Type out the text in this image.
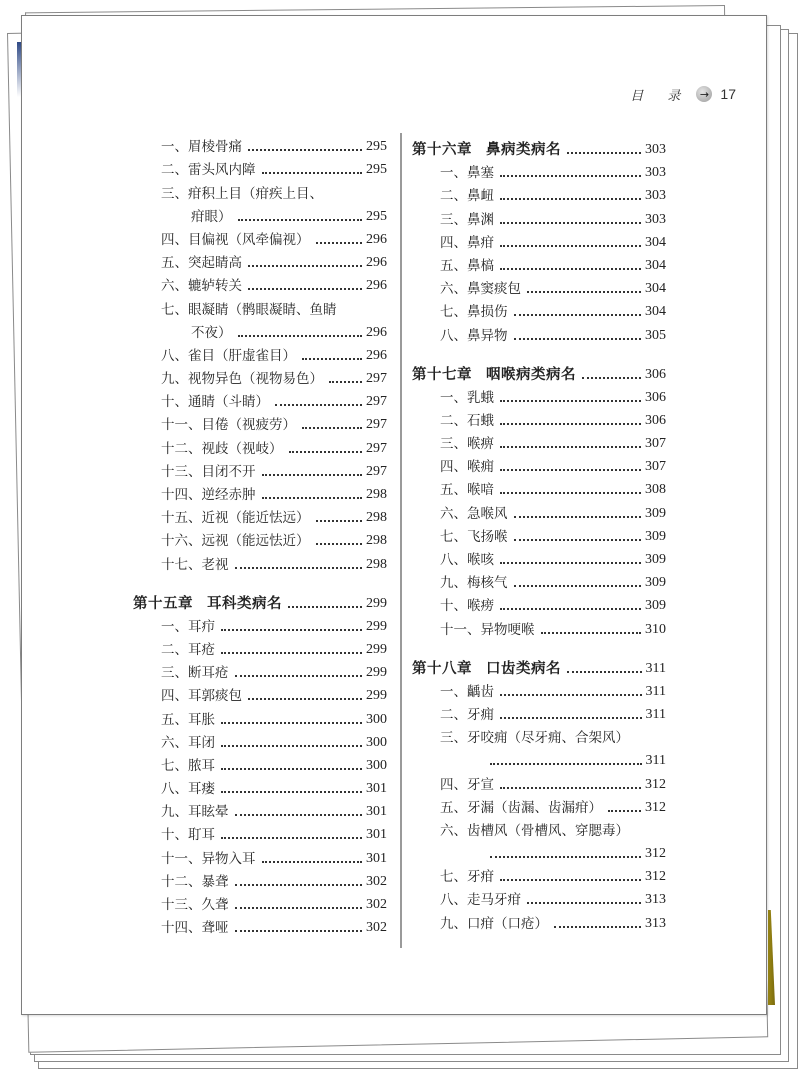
目 录 → 17
一、眉棱骨痛	295
二、雷头风内障	295
三、疳积上目（疳疾上目、
疳眼）	295
四、目偏视（风牵偏视）	296
五、突起睛高	296
六、辘轳转关	296
七、眼凝睛（鹘眼凝睛、鱼睛
不夜）	296
八、雀目（肝虚雀目）	296
九、视物异色（视物易色）	297
十、通睛（斗睛）	297
十一、目倦（视疲劳）	297
十二、视歧（视岐）	297
十三、目闭不开	297
十四、逆经赤肿	298
十五、近视（能近怯远）	298
十六、远视（能远怯近）	298
十七、老视	298
第十五章 耳科类病名	299
一、耳疖	299
二、耳疮	299
三、断耳疮	299
四、耳郭痰包	299
五、耳胀	300
六、耳闭	300
七、脓耳	300
八、耳瘘	301
九、耳眩晕	301
十、耵耳	301
十一、异物入耳	301
十二、暴聋	302
十三、久聋	302
十四、聋哑	302
第十六章 鼻病类病名	303
一、鼻塞	303
二、鼻衄	303
三、鼻渊	303
四、鼻疳	304
五、鼻槁	304
六、鼻窦痰包	304
七、鼻损伤	304
八、鼻异物	305
第十七章 咽喉病类病名	306
一、乳蛾	306
二、石蛾	306
三、喉痹	307
四、喉痈	307
五、喉喑	308
六、急喉风	309
七、飞扬喉	309
八、喉咳	309
九、梅核气	309
十、喉痨	309
十一、异物哽喉	310
第十八章 口齿类病名	311
一、齲齿	311
二、牙痈	311
三、牙咬痈（尽牙痈、合架风）
311
四、牙宣	312
五、牙漏（齿漏、齿漏疳）	312
六、齿槽风（骨槽风、穿腮毒）
312
七、牙疳	312
八、走马牙疳	313
九、口疳（口疮）	313
